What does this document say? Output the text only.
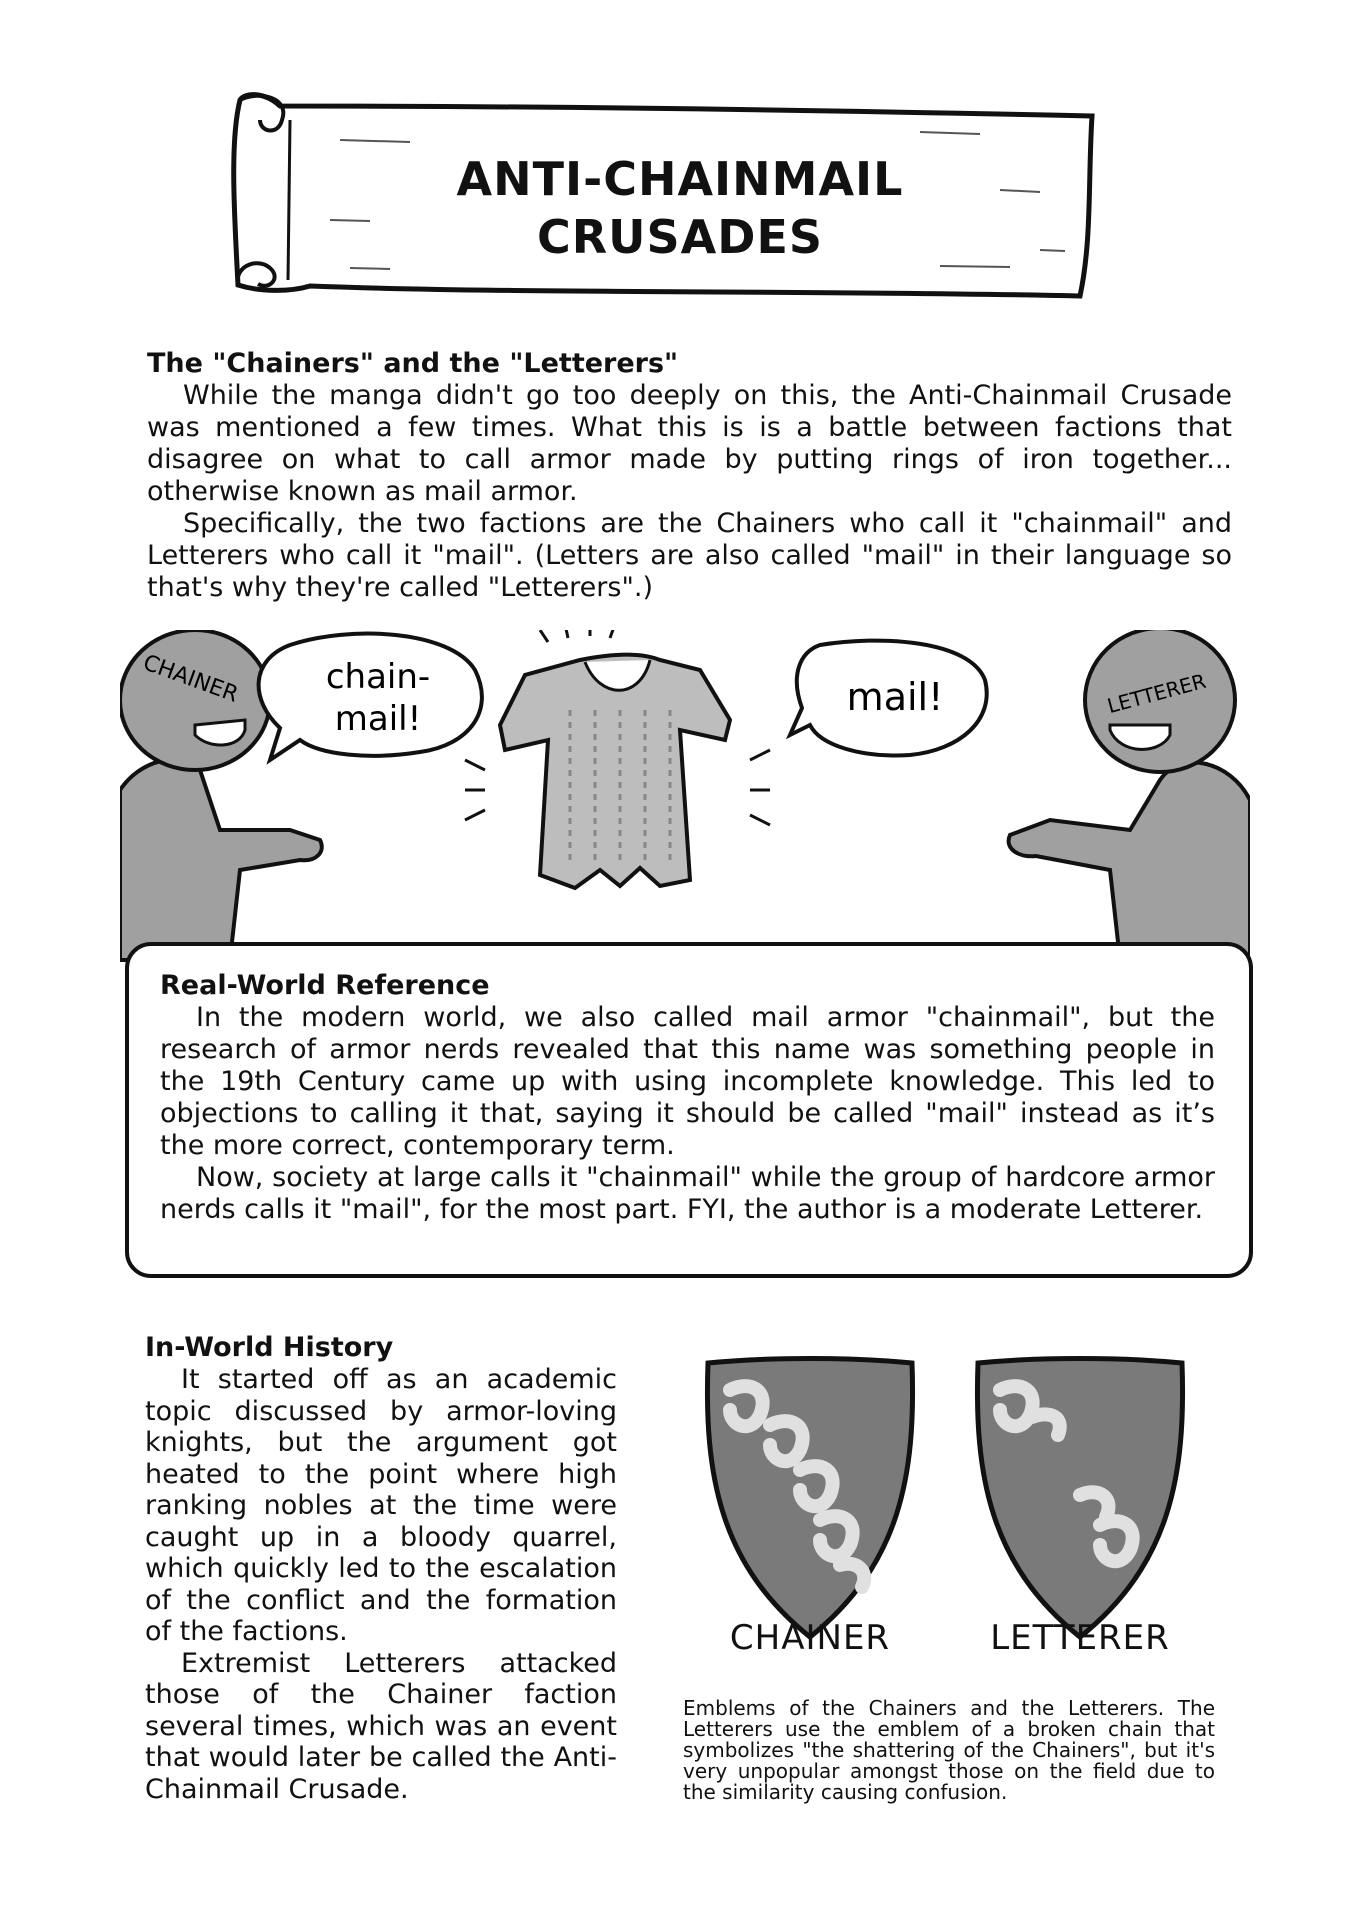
ANTI-CHAINMAIL
CRUSADES

The "Chainers" and the "Letterers"

While the manga didn't go too deeply on this, the Anti-Chainmail Crusade was mentioned a few times. What this is is a battle between factions that disagree on what to call armor made by putting rings of iron together... otherwise known as mail armor.

Specifically, the two factions are the Chainers who call it "chainmail" and Letterers who call it "mail". (Letters are also called "mail" in their language so that's why they're called "Letterers".)

CHAINER chain-
mail!	mail!	LETTERER

Real-World Reference

In the modern world, we also called mail armor "chainmail", but the research of armor nerds revealed that this name was something people in the 19th Century came up with using incomplete knowledge. This led to objections to calling it that, saying it should be called "mail" instead as it’s the more correct, contemporary term.

Now, society at large calls it "chainmail" while the group of hardcore armor nerds calls it "mail", for the most part. FYI, the author is a moderate Letterer.

In-World History

It started off as an academic topic discussed by armor-loving knights, but the argument got heated to the point where high ranking nobles at the time were caught up in a bloody quarrel, which quickly led to the escalation of the conflict and the formation of the factions.

Extremist Letterers attacked those of the Chainer faction several times, which was an event that would later be called the Anti-Chainmail Crusade.

CHAINER	LETTERER

Emblems of the Chainers and the Letterers. The Letterers use the emblem of a broken chain that symbolizes "the shattering of the Chainers", but it's very unpopular amongst those on the field due to the similarity causing confusion.
